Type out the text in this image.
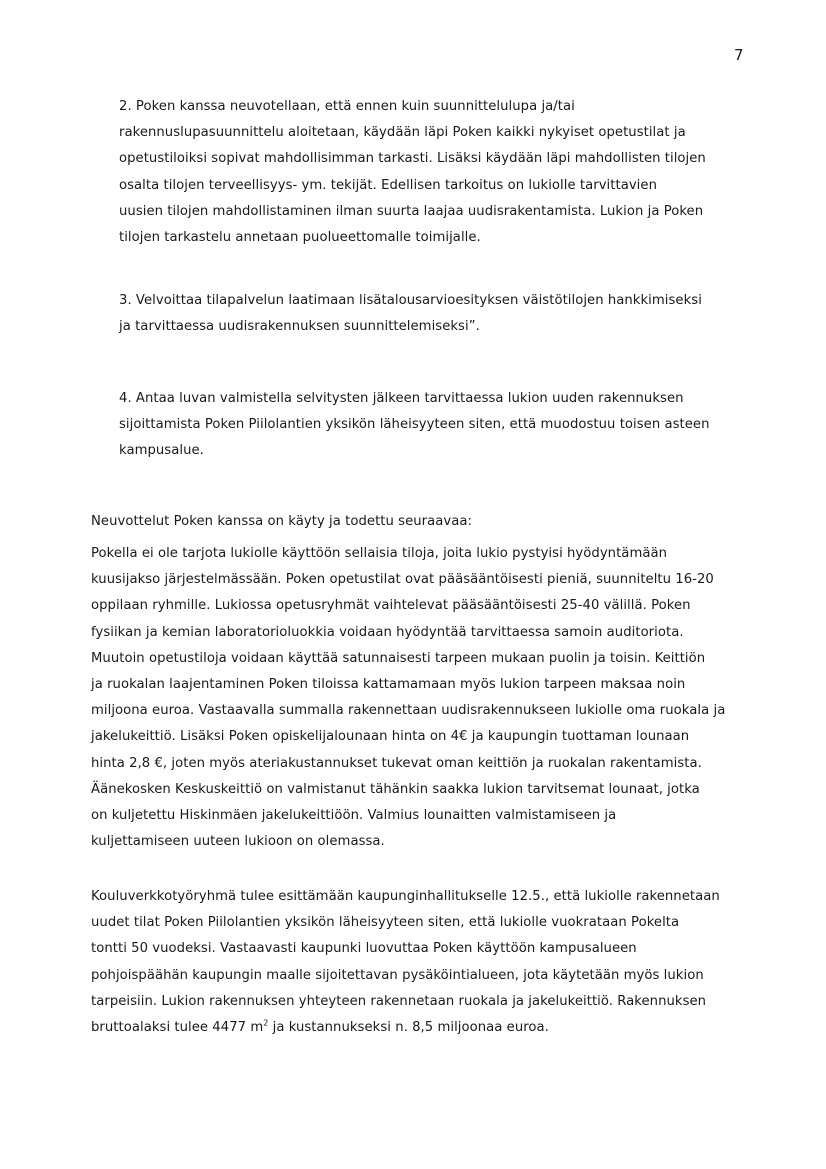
7
2. Poken kanssa neuvotellaan, että ennen kuin suunnittelulupa ja/tai
rakennuslupasuunnittelu aloitetaan, käydään läpi Poken kaikki nykyiset opetustilat ja
opetustiloiksi sopivat mahdollisimman tarkasti. Lisäksi käydään läpi mahdollisten tilojen
osalta tilojen terveellisyys- ym. tekijät. Edellisen tarkoitus on lukiolle tarvittavien
uusien tilojen mahdollistaminen ilman suurta laajaa uudisrakentamista. Lukion ja Poken
tilojen tarkastelu annetaan puolueettomalle toimijalle.
3. Velvoittaa tilapalvelun laatimaan lisätalousarvioesityksen väistötilojen hankkimiseksi
ja tarvittaessa uudisrakennuksen suunnittelemiseksi”.
4. Antaa luvan valmistella selvitysten jälkeen tarvittaessa lukion uuden rakennuksen
sijoittamista Poken Piilolantien yksikön läheisyyteen siten, että muodostuu toisen asteen
kampusalue.
Neuvottelut Poken kanssa on käyty ja todettu seuraavaa:
Pokella ei ole tarjota lukiolle käyttöön sellaisia tiloja, joita lukio pystyisi hyödyntämään
kuusijakso järjestelmässään. Poken opetustilat ovat pääsääntöisesti pieniä, suunniteltu 16-20
oppilaan ryhmille. Lukiossa opetusryhmät vaihtelevat pääsääntöisesti 25-40 välillä. Poken
fysiikan ja kemian laboratorioluokkia voidaan hyödyntää tarvittaessa samoin auditoriota.
Muutoin opetustiloja voidaan käyttää satunnaisesti tarpeen mukaan puolin ja toisin. Keittiön
ja ruokalan laajentaminen Poken tiloissa kattamamaan myös lukion tarpeen maksaa noin
miljoona euroa. Vastaavalla summalla rakennettaan uudisrakennukseen lukiolle oma ruokala ja
jakelukeittiö. Lisäksi Poken opiskelijalounaan hinta on 4€ ja kaupungin tuottaman lounaan
hinta 2,8 €, joten myös ateriakustannukset tukevat oman keittiön ja ruokalan rakentamista.
Äänekosken Keskuskeittiö on valmistanut tähänkin saakka lukion tarvitsemat lounaat, jotka
on kuljetettu Hiskinmäen jakelukeittiöön. Valmius lounaitten valmistamiseen ja
kuljettamiseen uuteen lukioon on olemassa.
Kouluverkkotyöryhmä tulee esittämään kaupunginhallitukselle 12.5., että lukiolle rakennetaan
uudet tilat Poken Piilolantien yksikön läheisyyteen siten, että lukiolle vuokrataan Pokelta
tontti 50 vuodeksi. Vastaavasti kaupunki luovuttaa Poken käyttöön kampusalueen
pohjoispäähän kaupungin maalle sijoitettavan pysäköintialueen, jota käytetään myös lukion
tarpeisiin. Lukion rakennuksen yhteyteen rakennetaan ruokala ja jakelukeittiö. Rakennuksen
bruttoalaksi tulee 4477 $m^2$ ja kustannukseksi n. 8,5 miljoonaa euroa.
